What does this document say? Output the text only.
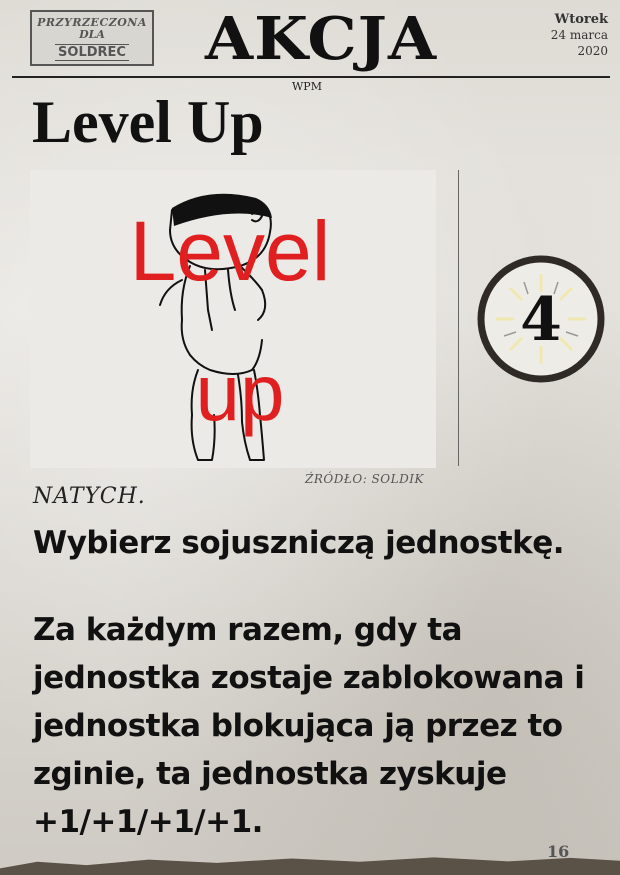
PRZYRZECZONA
DLA
SOLDREC	AKCJA	Wtorek
24 marca
2020
WPM
Level Up
Level
up
ŹRÓDŁO: SOLDIK
4
NATYCH.
Wybierz sojuszniczą jednostkę.
Za każdym razem, gdy ta jednostka zostaje zablokowana i jednostka blokująca ją przez to zginie, ta jednostka zyskuje +1/+1/+1/+1.
16
